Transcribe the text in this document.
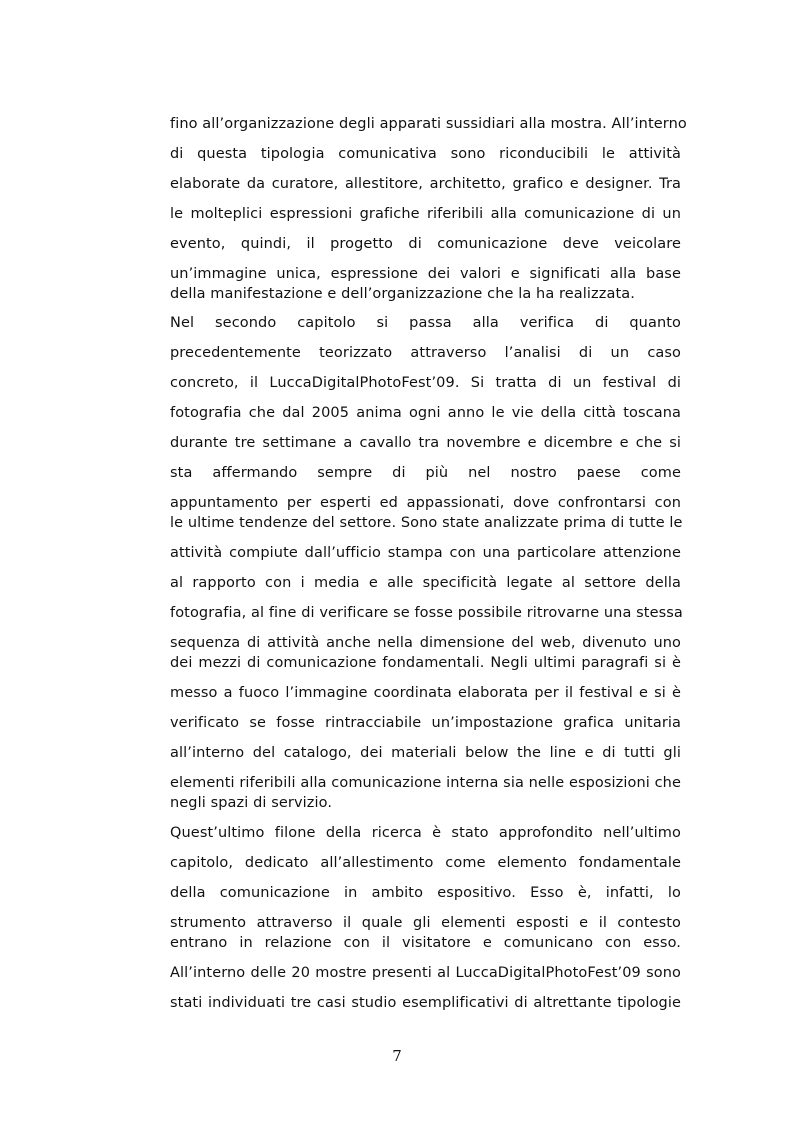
fino all’organizzazione degli apparati sussidiari alla mostra. All’interno
di questa tipologia comunicativa sono riconducibili le attività
elaborate da curatore, allestitore, architetto, grafico e designer. Tra
le molteplici espressioni grafiche riferibili alla comunicazione di un
evento, quindi, il progetto di comunicazione deve veicolare
un’immagine unica, espressione dei valori e significati alla base
della manifestazione e dell’organizzazione che la ha realizzata.
Nel secondo capitolo si passa alla verifica di quanto
precedentemente teorizzato attraverso l’analisi di un caso
concreto, il LuccaDigitalPhotoFest’09. Si tratta di un festival di
fotografia che dal 2005 anima ogni anno le vie della città toscana
durante tre settimane a cavallo tra novembre e dicembre e che si
sta affermando sempre di più nel nostro paese come
appuntamento per esperti ed appassionati, dove confrontarsi con
le ultime tendenze del settore. Sono state analizzate prima di tutte le
attività compiute dall’ufficio stampa con una particolare attenzione
al rapporto con i media e alle specificità legate al settore della
fotografia, al fine di verificare se fosse possibile ritrovarne una stessa
sequenza di attività anche nella dimensione del web, divenuto uno
dei mezzi di comunicazione fondamentali. Negli ultimi paragrafi si è
messo a fuoco l’immagine coordinata elaborata per il festival e si è
verificato se fosse rintracciabile un’impostazione grafica unitaria
all’interno del catalogo, dei materiali below the line e di tutti gli
elementi riferibili alla comunicazione interna sia nelle esposizioni che
negli spazi di servizio.
Quest’ultimo filone della ricerca è stato approfondito nell’ultimo
capitolo, dedicato all’allestimento come elemento fondamentale
della comunicazione in ambito espositivo. Esso è, infatti, lo
strumento attraverso il quale gli elementi esposti e il contesto
entrano in relazione con il visitatore e comunicano con esso.
All’interno delle 20 mostre presenti al LuccaDigitalPhotoFest’09 sono
stati individuati tre casi studio esemplificativi di altrettante tipologie
7
